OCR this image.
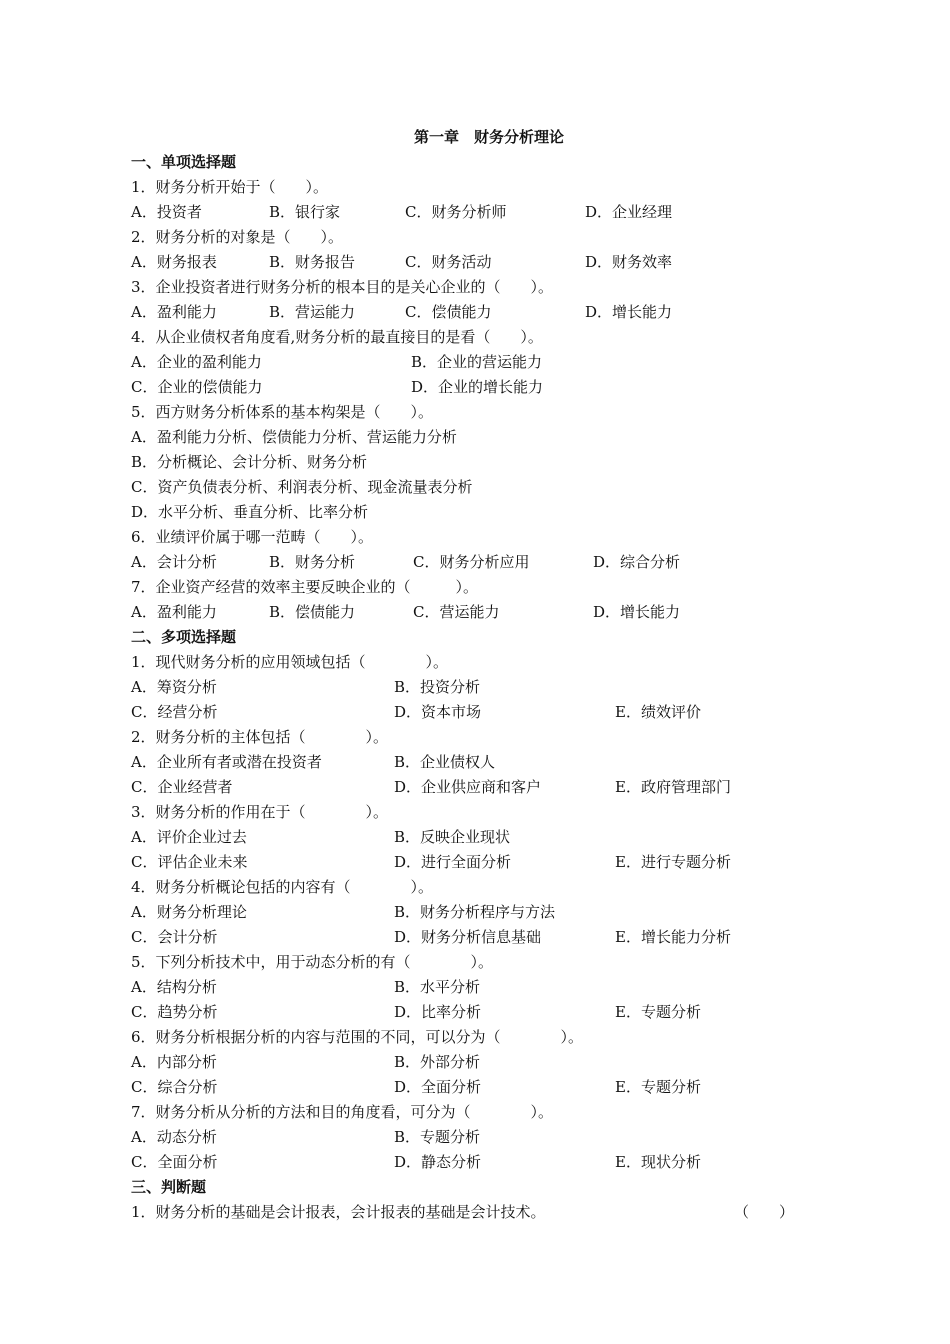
第一章　财务分析理论
一、单项选择题
1．财务分析开始于（　　）。
A．投资者	B．银行家	C．财务分析师	D．企业经理
2．财务分析的对象是（　　）。
A．财务报表	B．财务报告	C．财务活动	D．财务效率
3．企业投资者进行财务分析的根本目的是关心企业的（　　）。
A．盈利能力	B．营运能力	C．偿债能力	D．增长能力
4．从企业债权者角度看,财务分析的最直接目的是看（　　）。
A．企业的盈利能力	B．企业的营运能力
C．企业的偿债能力	D．企业的增长能力
5．西方财务分析体系的基本构架是（　　）。
A．盈利能力分析、偿债能力分析、营运能力分析
B．分析概论、会计分析、财务分析
C．资产负债表分析、利润表分析、现金流量表分析
D．水平分析、垂直分析、比率分析
6．业绩评价属于哪一范畴（　　）。
A．会计分析	B．财务分析	C．财务分析应用	D．综合分析
7．企业资产经营的效率主要反映企业的（　　　）。
A．盈利能力	B．偿债能力	C．营运能力	D．增长能力
二、多项选择题
1．现代财务分析的应用领域包括（　　　　）。
A．筹资分析	B．投资分析
C．经营分析	D．资本市场	E．绩效评价
2．财务分析的主体包括（　　　　）。
A．企业所有者或潜在投资者	B．企业债权人
C．企业经营者	D．企业供应商和客户	E．政府管理部门
3．财务分析的作用在于（　　　　）。
A．评价企业过去	B．反映企业现状
C．评估企业未来	D．进行全面分析	E．进行专题分析
4．财务分析概论包括的内容有（　　　　）。
A．财务分析理论	B．财务分析程序与方法
C．会计分析	D．财务分析信息基础	E．增长能力分析
5．下列分析技术中，用于动态分析的有（　　　　）。
A．结构分析	B．水平分析
C．趋势分析	D．比率分析	E．专题分析
6．财务分析根据分析的内容与范围的不同，可以分为（　　　　）。
A．内部分析	B．外部分析
C．综合分析	D．全面分析	E．专题分析
7．财务分析从分析的方法和目的角度看，可分为（　　　　）。
A．动态分析	B．专题分析
C．全面分析	D．静态分析	E．现状分析
三、判断题
1．财务分析的基础是会计报表，会计报表的基础是会计技术。	（　　）
